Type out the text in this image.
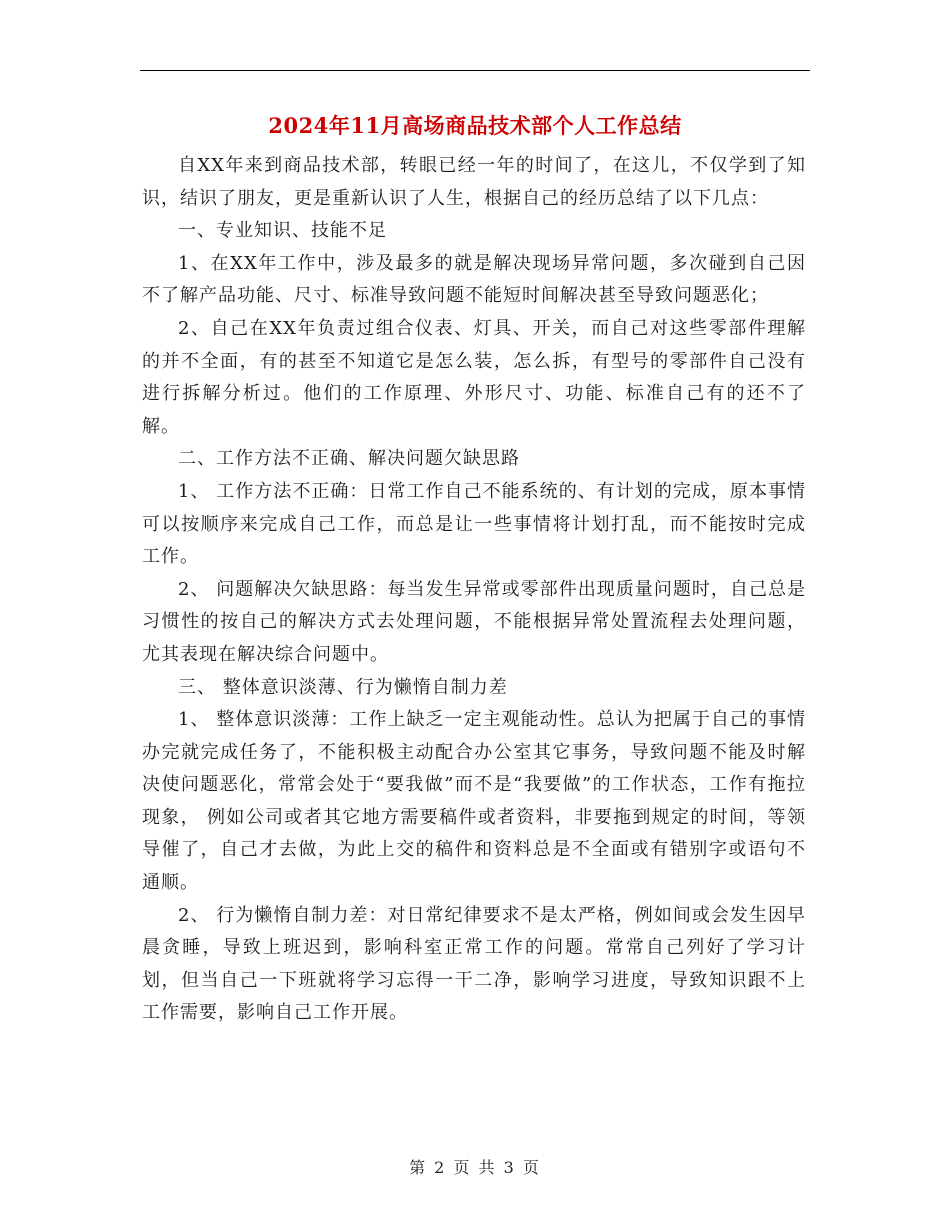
2024年11月高场商品技术部个人工作总结

自XX年来到商品技术部，转眼已经一年的时间了，在这儿，不仅学到了知识，结识了朋友，更是重新认识了人生，根据自己的经历总结了以下几点：

一、专业知识、技能不足

1、在XX年工作中，涉及最多的就是解决现场异常问题，多次碰到自己因不了解产品功能、尺寸、标准导致问题不能短时间解决甚至导致问题恶化；

2、自己在XX年负责过组合仪表、灯具、开关，而自己对这些零部件理解的并不全面，有的甚至不知道它是怎么装，怎么拆，有型号的零部件自己没有进行拆解分析过。他们的工作原理、外形尺寸、功能、标准自己有的还不了解。

二、工作方法不正确、解决问题欠缺思路

1、 工作方法不正确：日常工作自己不能系统的、有计划的完成，原本事情可以按顺序来完成自己工作，而总是让一些事情将计划打乱，而不能按时完成工作。

2、 问题解决欠缺思路：每当发生异常或零部件出现质量问题时，自己总是习惯性的按自己的解决方式去处理问题，不能根据异常处置流程去处理问题，尤其表现在解决综合问题中。

三、 整体意识淡薄、行为懒惰自制力差

1、 整体意识淡薄：工作上缺乏一定主观能动性。总认为把属于自己的事情办完就完成任务了，不能积极主动配合办公室其它事务，导致问题不能及时解决使问题恶化，常常会处于“要我做”而不是“我要做”的工作状态，工作有拖拉现象， 例如公司或者其它地方需要稿件或者资料，非要拖到规定的时间，等领导催了，自己才去做，为此上交的稿件和资料总是不全面或有错别字或语句不通顺。

2、 行为懒惰自制力差：对日常纪律要求不是太严格，例如间或会发生因早晨贪睡，导致上班迟到，影响科室正常工作的问题。常常自己列好了学习计划，但当自己一下班就将学习忘得一干二净，影响学习进度，导致知识跟不上工作需要，影响自己工作开展。

第 2 页 共 3 页
